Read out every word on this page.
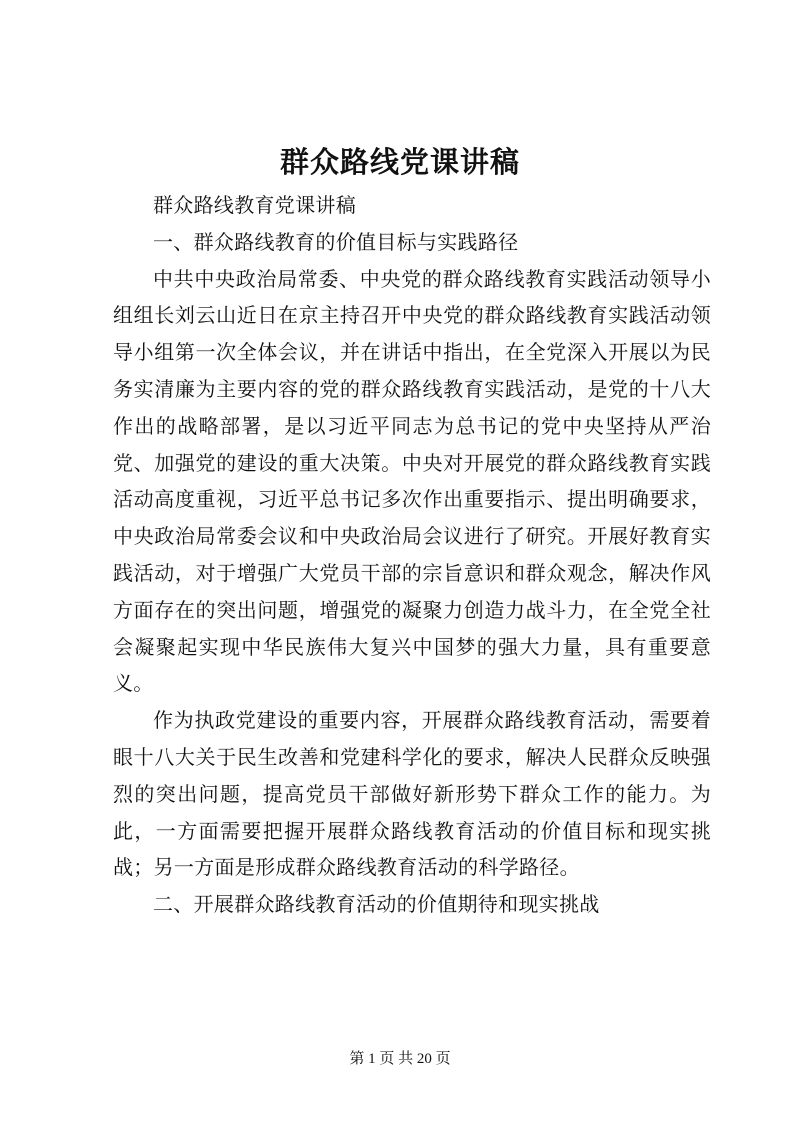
群众路线党课讲稿

群众路线教育党课讲稿

一、群众路线教育的价值目标与实践路径

中共中央政治局常委、中央党的群众路线教育实践活动领导小组组长刘云山近日在京主持召开中央党的群众路线教育实践活动领导小组第一次全体会议，并在讲话中指出，在全党深入开展以为民务实清廉为主要内容的党的群众路线教育实践活动，是党的十八大作出的战略部署，是以习近平同志为总书记的党中央坚持从严治党、加强党的建设的重大决策。中央对开展党的群众路线教育实践活动高度重视，习近平总书记多次作出重要指示、提出明确要求，中央政治局常委会议和中央政治局会议进行了研究。开展好教育实践活动，对于增强广大党员干部的宗旨意识和群众观念，解决作风方面存在的突出问题，增强党的凝聚力创造力战斗力，在全党全社会凝聚起实现中华民族伟大复兴中国梦的强大力量，具有重要意义。

作为执政党建设的重要内容，开展群众路线教育活动，需要着眼十八大关于民生改善和党建科学化的要求，解决人民群众反映强烈的突出问题，提高党员干部做好新形势下群众工作的能力。为此，一方面需要把握开展群众路线教育活动的价值目标和现实挑战；另一方面是形成群众路线教育活动的科学路径。

二、开展群众路线教育活动的价值期待和现实挑战

第 1 页 共 20 页
